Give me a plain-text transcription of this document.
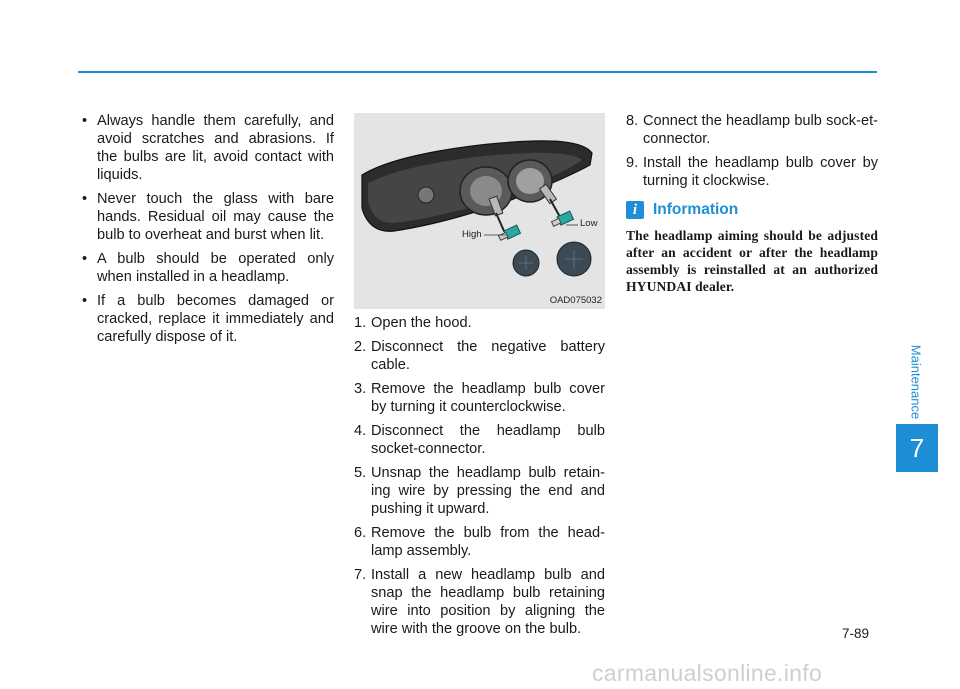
• Always handle them carefully, and avoid scratches and abrasions. If the bulbs are lit, avoid contact with liquids.
• Never touch the glass with bare hands. Residual oil may cause the bulb to overheat and burst when lit.
• A bulb should be operated only when installed in a headlamp.
• If a bulb becomes damaged or cracked, replace it immediately and carefully dispose of it.
High
Low
OAD075032
1. Open the hood.
2. Disconnect the negative battery cable.
3. Remove the headlamp bulb cover by turning it counterclockwise.
4. Disconnect the headlamp bulb socket-connector.
5. Unsnap the headlamp bulb retain-ing wire by pressing the end and pushing it upward.
6. Remove the bulb from the head-lamp assembly.
7. Install a new headlamp bulb and snap the headlamp bulb retaining wire into position by aligning the wire with the groove on the bulb.
8. Connect the headlamp bulb sock-et-connector.
9. Install the headlamp bulb cover by turning it clockwise.
i	Information
The headlamp aiming should be adjusted after an accident or after the headlamp assembly is reinstalled at an authorized HYUNDAI dealer.
Maintenance
7
7-89
carmanualsonline.info
